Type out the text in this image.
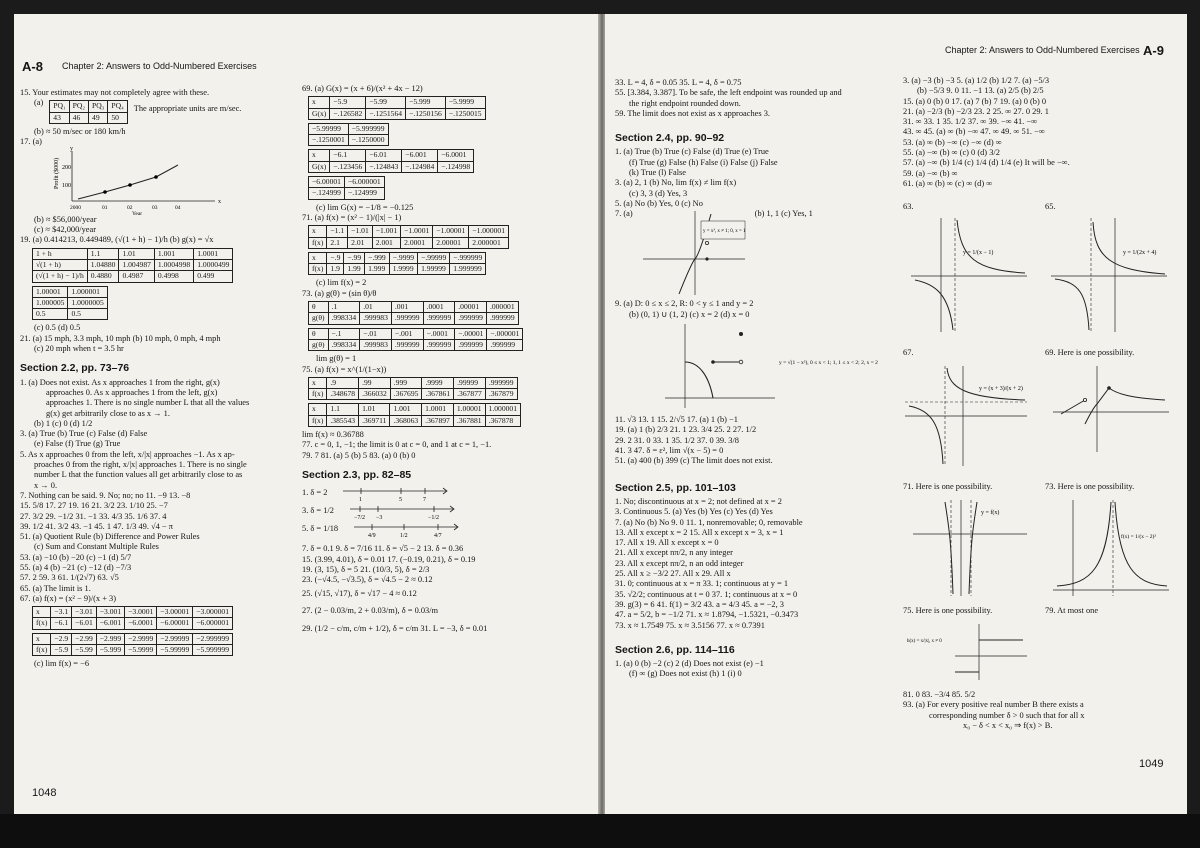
A-8 Chapter 2: Answers to Odd-Numbered Exercises

15. Your estimates may not completely agree with these.

(a) PQ₁	PQ₂	PQ₃	PQ₄
43	46	49	50

The appropriate units are m/sec.

(b) ≈ 50 m/sec or 180 km/h

17. (a)

Profit ($000) 200
100
2000	01	02	03	04
Year
x
y

(b) ≈ $56,000/year

(c) ≈ $42,000/year

19. (a) 0.414213, 0.449489, (√(1 + h) − 1)/h (b) g(x) = √x

1 + h	1.1	1.01	1.001	1.0001
√(1 + h)	1.04880	1.004987	1.0004998	1.0000499
(√(1 + h) − 1)/h	0.4880	0.4987	0.4998	0.499
1.00001	1.000001
1.000005	1.0000005
0.5	0.5

(c) 0.5 (d) 0.5

21. (a) 15 mph, 3.3 mph, 10 mph (b) 10 mph, 0 mph, 4 mph

(c) 20 mph when t = 3.5 hr

Section 2.2, pp. 73–76

1. (a) Does not exist. As x approaches 1 from the right, g(x)

approaches 0. As x approaches 1 from the left, g(x)

approaches 1. There is no single number L that all the values

g(x) get arbitrarily close to as x → 1.

(b) 1 (c) 0 (d) 1/2

3. (a) True (b) True (c) False (d) False

(e) False (f) True (g) True

5. As x approaches 0 from the left, x/|x| approaches −1. As x ap-

proaches 0 from the right, x/|x| approaches 1. There is no single

number L that the function values all get arbitrarily close to as

x → 0.

7. Nothing can be said. 9. No; no; no 11. −9 13. −8

15. 5/8 17. 27 19. 16 21. 3/2 23. 1/10 25. −7

27. 3/2 29. −1/2 31. −1 33. 4/3 35. 1/6 37. 4

39. 1/2 41. 3/2 43. −1 45. 1 47. 1/3 49. √4 − π

51. (a) Quotient Rule (b) Difference and Power Rules

(c) Sum and Constant Multiple Rules

53. (a) −10 (b) −20 (c) −1 (d) 5/7

55. (a) 4 (b) −21 (c) −12 (d) −7/3

57. 2 59. 3 61. 1/(2√7) 63. √5

65. (a) The limit is 1.

67. (a) f(x) = (x² − 9)/(x + 3)

x	−3.1	−3.01	−3.001	−3.0001	−3.00001	−3.000001
f(x)	−6.1	−6.01	−6.001	−6.0001	−6.00001	−6.000001
x	−2.9	−2.99	−2.999	−2.9999	−2.99999	−2.999999
f(x)	−5.9	−5.99	−5.999	−5.9999	−5.99999	−5.999999

(c) lim f(x) = −6

69. (a) G(x) = (x + 6)/(x² + 4x − 12)

x	−5.9	−5.99	−5.999	−5.9999
G(x)	−.126582	−.1251564	−.1250156	−.1250015
−5.99999	−5.999999
−.1250001	−.1250000
x	−6.1	−6.01	−6.001	−6.0001
G(x)	−.123456	−.124843	−.124984	−.124998
−6.00001	−6.000001
−.124999	−.124999

(c) lim G(x) = −1/8 = −0.125

71. (a) f(x) = (x² − 1)/(|x| − 1)

x	−1.1	−1.01	−1.001	−1.0001	−1.00001	−1.000001
f(x)	2.1	2.01	2.001	2.0001	2.00001	2.000001
x	−.9	−.99	−.999	−.9999	−.99999	−.999999
f(x)	1.9	1.99	1.999	1.9999	1.99999	1.999999

(c) lim f(x) = 2

73. (a) g(θ) = (sin θ)/θ

θ	.1	.01	.001	.0001	.00001	.000001
g(θ)	.998334	.999983	.999999	.999999	.999999	.999999
θ	−.1	−.01	−.001	−.0001	−.00001	−.000001
g(θ)	.998334	.999983	.999999	.999999	.999999	.999999

lim g(θ) = 1

75. (a) f(x) = x^(1/(1−x))

x	.9	.99	.999	.9999	.99999	.999999
f(x)	.348678	.366032	.367695	.367861	.367877	.367879
x	1.1	1.01	1.001	1.0001	1.00001	1.000001
f(x)	.385543	.369711	.368063	.367897	.367881	.367878

lim f(x) ≈ 0.36788

77. c = 0, 1, −1; the limit is 0 at c = 0, and 1 at c = 1, −1.

79. 7 81. (a) 5 (b) 5 83. (a) 0 (b) 0

Section 2.3, pp. 82–85

1. δ = 2

1	5	7

3. δ = 1/2

−7/2 −3	−1/2

5. δ = 1/18

4/9	1/2	4/7

7. δ = 0.1 9. δ = 7/16 11. δ = √5 − 2 13. δ = 0.36

15. (3.99, 4.01), δ = 0.01 17. (−0.19, 0.21), δ = 0.19

19. (3, 15), δ = 5 21. (10/3, 5), δ = 2/3

23. (−√4.5, −√3.5), δ = √4.5 − 2 ≈ 0.12

25. (√15, √17), δ = √17 − 4 ≈ 0.12

27. (2 − 0.03/m, 2 + 0.03/m), δ = 0.03/m

29. (1/2 − c/m, c/m + 1/2), δ = c/m 31. L = −3, δ = 0.01

1048
Chapter 2: Answers to Odd-Numbered Exercises A-9

33. L = 4, δ = 0.05 35. L = 4, δ = 0.75

55. [3.384, 3.387]. To be safe, the left endpoint was rounded up and

the right endpoint rounded down.

59. The limit does not exist as x approaches 3.

Section 2.4, pp. 90–92

1. (a) True (b) True (c) False (d) True (e) True

(f) True (g) False (h) False (i) False (j) False

(k) True (l) False

3. (a) 2, 1 (b) No, lim f(x) ≠ lim f(x)

(c) 3, 3 (d) Yes, 3

5. (a) No (b) Yes, 0 (c) No

7. (a)

y = x³, x ≠ 1; 0, x = 1

(b) 1, 1 (c) Yes, 1

9. (a) D: 0 ≤ x ≤ 2, R: 0 < y ≤ 1 and y = 2

(b) (0, 1) ∪ (1, 2) (c) x = 2 (d) x = 0

y = √(1 − x²), 0 ≤ x < 1; 1, 1 ≤ x < 2; 2, x = 2

11. √3 13. 1 15. 2/√5 17. (a) 1 (b) −1

19. (a) 1 (b) 2/3 21. 1 23. 3/4 25. 2 27. 1/2

29. 2 31. 0 33. 1 35. 1/2 37. 0 39. 3/8

41. 3 47. δ = ε², lim √(x − 5) = 0

51. (a) 400 (b) 399 (c) The limit does not exist.

Section 2.5, pp. 101–103

1. No; discontinuous at x = 2; not defined at x = 2

3. Continuous 5. (a) Yes (b) Yes (c) Yes (d) Yes

7. (a) No (b) No 9. 0 11. 1, nonremovable; 0, removable

13. All x except x = 2 15. All x except x = 3, x = 1

17. All x 19. All x except x = 0

21. All x except nπ/2, n any integer

23. All x except nπ/2, n an odd integer

25. All x ≥ −3/2 27. All x 29. All x

31. 0; continuous at x = π 33. 1; continuous at y = 1

35. √2/2; continuous at t = 0 37. 1; continuous at x = 0

39. g(3) = 6 41. f(1) = 3/2 43. a = 4/3 45. a = −2, 3

47. a = 5/2, b = −1/2 71. x ≈ 1.8794, −1.5321, −0.3473

73. x ≈ 1.7549 75. x ≈ 3.5156 77. x ≈ 0.7391

Section 2.6, pp. 114–116

1. (a) 0 (b) −2 (c) 2 (d) Does not exist (e) −1

(f) ∞ (g) Does not exist (h) 1 (i) 0

3. (a) −3 (b) −3 5. (a) 1/2 (b) 1/2 7. (a) −5/3

(b) −5/3 9. 0 11. −1 13. (a) 2/5 (b) 2/5

15. (a) 0 (b) 0 17. (a) 7 (b) 7 19. (a) 0 (b) 0

21. (a) −2/3 (b) −2/3 23. 2 25. ∞ 27. 0 29. 1

31. ∞ 33. 1 35. 1/2 37. ∞ 39. −∞ 41. −∞

43. ∞ 45. (a) ∞ (b) −∞ 47. ∞ 49. ∞ 51. −∞

53. (a) ∞ (b) −∞ (c) −∞ (d) ∞

55. (a) −∞ (b) ∞ (c) 0 (d) 3/2

57. (a) −∞ (b) 1/4 (c) 1/4 (d) 1/4 (e) It will be −∞.

59. (a) −∞ (b) ∞

61. (a) ∞ (b) ∞ (c) ∞ (d) ∞

63.	65.
y = 1/(x − 1)	y = 1/(2x + 4)
67.	69. Here is one possibility.
y = (x + 3)/(x + 2)
71. Here is one possibility.	73. Here is one possibility.
y = f(x)
f(x) = 1/(x − 2)²
75. Here is one possibility.	79. At most one
h(x) = x/|x|, x ≠ 0

81. 0 83. −3/4 85. 5/2

93. (a) For every positive real number B there exists a

corresponding number δ > 0 such that for all x

x₀ − δ < x < x₀ ⇒ f(x) > B.

1049
